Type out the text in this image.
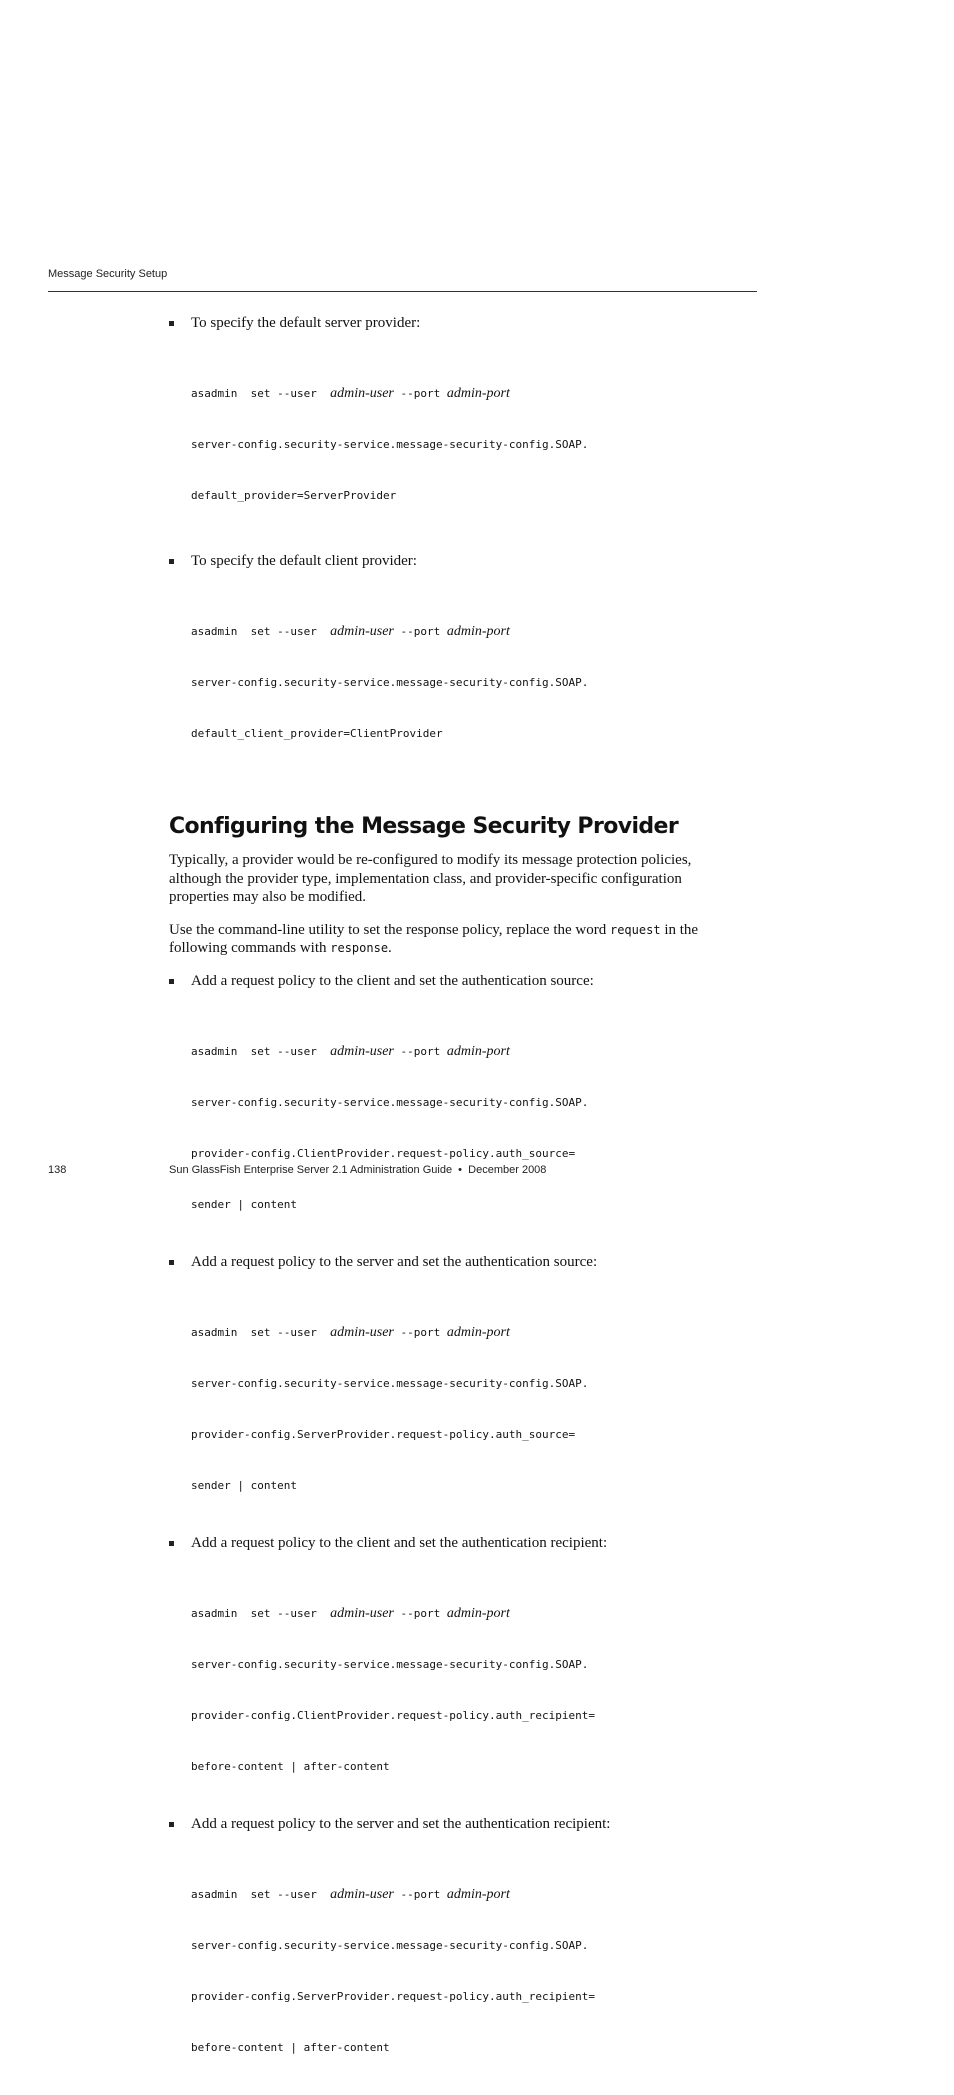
Message Security Setup
To specify the default server provider:

asadmin  set --user  admin-user --port admin-port

server-config.security-service.message-security-config.SOAP.

default_provider=ServerProvider

To specify the default client provider:

asadmin  set --user  admin-user --port admin-port

server-config.security-service.message-security-config.SOAP.

default_client_provider=ClientProvider

Configuring the Message Security Provider

Typically, a provider would be re-configured to modify its message protection policies, although the provider type, implementation class, and provider-specific configuration properties may also be modified.

Use the command-line utility to set the response policy, replace the word request in the following commands with response.

Add a request policy to the client and set the authentication source:

asadmin  set --user  admin-user --port admin-port

server-config.security-service.message-security-config.SOAP.

provider-config.ClientProvider.request-policy.auth_source=

sender | content

Add a request policy to the server and set the authentication source:

asadmin  set --user  admin-user --port admin-port

server-config.security-service.message-security-config.SOAP.

provider-config.ServerProvider.request-policy.auth_source=

sender | content

Add a request policy to the client and set the authentication recipient:

asadmin  set --user  admin-user --port admin-port

server-config.security-service.message-security-config.SOAP.

provider-config.ClientProvider.request-policy.auth_recipient=

before-content | after-content

Add a request policy to the server and set the authentication recipient:

asadmin  set --user  admin-user --port admin-port

server-config.security-service.message-security-config.SOAP.

provider-config.ServerProvider.request-policy.auth_recipient=

before-content | after-content

138	Sun GlassFish Enterprise Server 2.1 Administration Guide  •  December 2008
